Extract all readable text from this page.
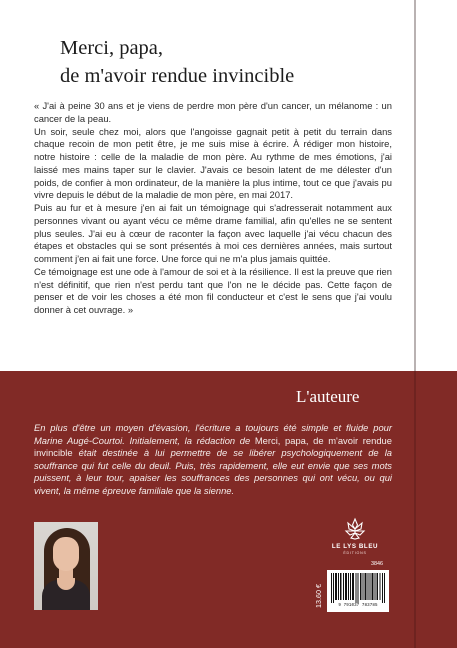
Merci, papa,
de m'avoir rendue invincible

« J'ai à peine 30 ans et je viens de perdre mon père d'un cancer, un mélanome : un cancer de la peau.

Un soir, seule chez moi, alors que l'angoisse gagnait petit à petit du terrain dans chaque recoin de mon petit être, je me suis mise à écrire. À rédiger mon histoire, notre histoire : celle de la maladie de mon père. Au rythme de mes émotions, j'ai laissé mes mains taper sur le clavier. J'avais ce besoin latent de me délester d'un poids, de confier à mon ordinateur, de la manière la plus intime, tout ce que j'avais pu vivre depuis le début de la maladie de mon père, en mai 2017.

Puis au fur et à mesure j'en ai fait un témoignage qui s'adresserait notamment aux personnes vivant ou ayant vécu ce même drame familial, afin qu'elles ne se sentent plus seules. J'ai eu à cœur de raconter la façon avec laquelle j'ai vécu chacun des étapes et obstacles qui se sont présentés à moi ces dernières années, mais surtout comment j'en ai fait une force. Une force qui ne m'a plus jamais quittée.

Ce témoignage est une ode à l'amour de soi et à la résilience. Il est la preuve que rien n'est définitif, que rien n'est perdu tant que l'on ne le décide pas. Cette façon de penser et de voir les choses a été mon fil conducteur et c'est le sens que j'ai voulu donner à cet ouvrage. »

L'auteure
En plus d'être un moyen d'évasion, l'écriture a toujours été simple et fluide pour Marine Augé-Courtoi. Initialement, la rédaction de Merci, papa, de m'avoir rendue invincible était destinée à lui permettre de se libérer psychologiquement de la souffrance qui fut celle du deuil. Puis, très rapidement, elle eut envie que ses mots puissent, à leur tour, apaiser les souffrances des personnes qui ont vécu, ou qui vivent, la même épreuve familiale que la sienne.
LE LYS BLEU
ÉDITIONS
3846
13.60 €	9 791037 783785
